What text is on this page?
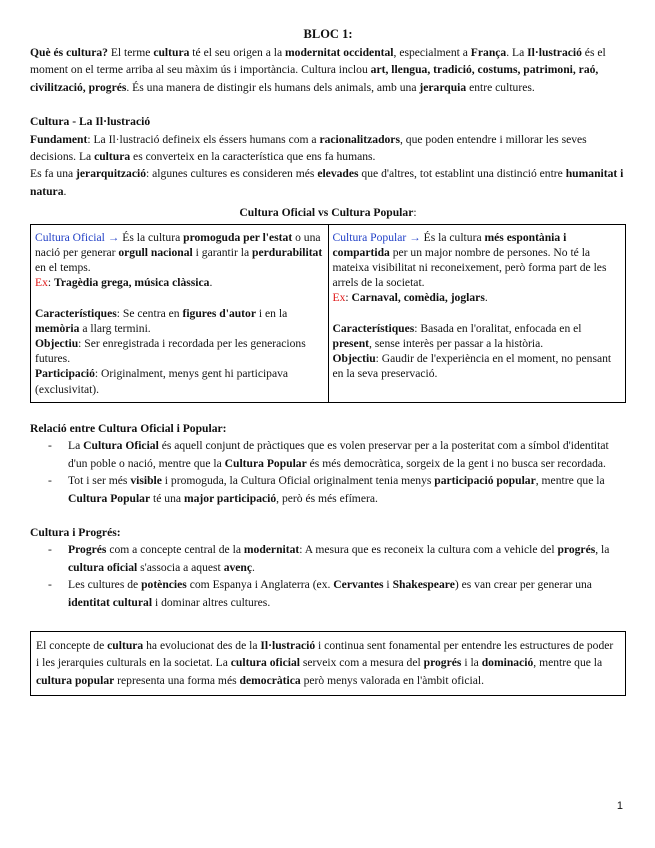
BLOC 1:

Què és cultura? El terme cultura té el seu origen a la modernitat occidental, especialment a França. La Il·lustració és el moment on el terme arriba al seu màxim ús i importància. Cultura inclou art, llengua, tradició, costums, patrimoni, raó, civilització, progrés. És una manera de distingir els humans dels animals, amb una jerarquia entre cultures.

Cultura - La Il·lustració

Fundament: La Il·lustració defineix els éssers humans com a racionalitzadors, que poden entendre i millorar les seves decisions. La cultura es converteix en la característica que ens fa humans.

Es fa una jerarquització: algunes cultures es consideren més elevades que d'altres, tot establint una distinció entre humanitat i natura.

Cultura Oficial vs Cultura Popular:

Cultura Oficial → És la cultura promoguda per l'estat o una nació per generar orgull nacional i garantir la perdurabilitat en el temps.
Ex: Tragèdia grega, música clàssica.

Característiques: Se centra en figures d'autor i en la memòria a llarg termini.
Objectiu: Ser enregistrada i recordada per les generacions futures.
Participació: Originalment, menys gent hi participava (exclusivitat).	Cultura Popular → És la cultura més espontània i compartida per un major nombre de persones. No té la mateixa visibilitat ni reconeixement, però forma part de les arrels de la societat.
Ex: Carnaval, comèdia, joglars.

Característiques: Basada en l'oralitat, enfocada en el present, sense interès per passar a la història.
Objectiu: Gaudir de l'experiència en el moment, no pensant en la seva preservació.

Relació entre Cultura Oficial i Popular:

- La Cultura Oficial és aquell conjunt de pràctiques que es volen preservar per a la posteritat com a símbol d'identitat d'un poble o nació, mentre que la Cultura Popular és més democràtica, sorgeix de la gent i no busca ser recordada.
- Tot i ser més visible i promoguda, la Cultura Oficial originalment tenia menys participació popular, mentre que la Cultura Popular té una major participació, però és més efímera.

Cultura i Progrés:

- Progrés com a concepte central de la modernitat: A mesura que es reconeix la cultura com a vehicle del progrés, la cultura oficial s'associa a aquest avenç.
- Les cultures de potències com Espanya i Anglaterra (ex. Cervantes i Shakespeare) es van crear per generar una identitat cultural i dominar altres cultures.
El concepte de cultura ha evolucionat des de la Il·lustració i continua sent fonamental per entendre les estructures de poder i les jerarquies culturals en la societat. La cultura oficial serveix com a mesura del progrés i la dominació, mentre que la cultura popular representa una forma més democràtica però menys valorada en l'àmbit oficial.
1
